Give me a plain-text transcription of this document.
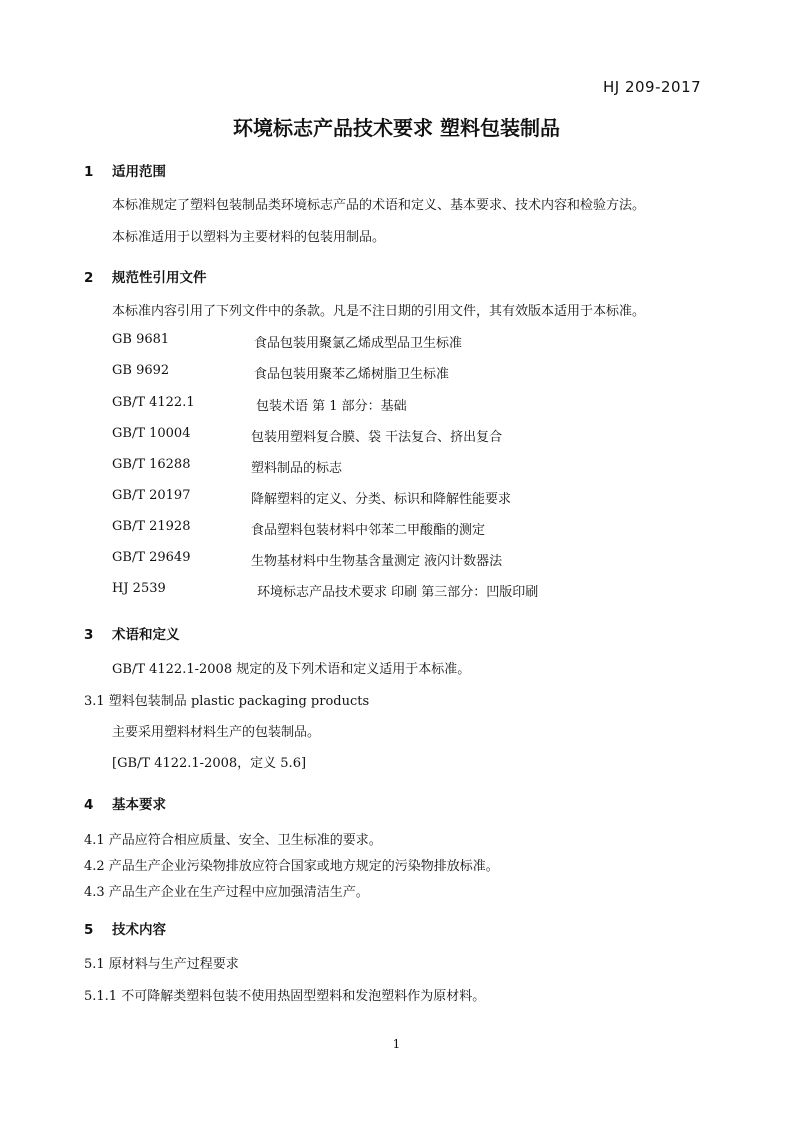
HJ 209-2017
环境标志产品技术要求 塑料包装制品
1 适用范围
本标准规定了塑料包装制品类环境标志产品的术语和定义、基本要求、技术内容和检验方法。
本标准适用于以塑料为主要材料的包装用制品。
2 规范性引用文件
本标准内容引用了下列文件中的条款。凡是不注日期的引用文件，其有效版本适用于本标准。
GB 9681	食品包装用聚氯乙烯成型品卫生标准
GB 9692	食品包装用聚苯乙烯树脂卫生标准
GB/T 4122.1	包装术语 第 1 部分：基础
GB/T 10004	包装用塑料复合膜、袋 干法复合、挤出复合
GB/T 16288	塑料制品的标志
GB/T 20197	降解塑料的定义、分类、标识和降解性能要求
GB/T 21928	食品塑料包装材料中邻苯二甲酸酯的测定
GB/T 29649	生物基材料中生物基含量测定 液闪计数器法
HJ 2539	环境标志产品技术要求 印刷 第三部分：凹版印刷
3 术语和定义
GB/T 4122.1-2008 规定的及下列术语和定义适用于本标准。
3.1 塑料包装制品 plastic packaging products
主要采用塑料材料生产的包装制品。
[GB/T 4122.1-2008，定义 5.6]
4 基本要求
4.1 产品应符合相应质量、安全、卫生标准的要求。
4.2 产品生产企业污染物排放应符合国家或地方规定的污染物排放标准。
4.3 产品生产企业在生产过程中应加强清洁生产。
5 技术内容
5.1 原材料与生产过程要求
5.1.1 不可降解类塑料包装不使用热固型塑料和发泡塑料作为原材料。
1
